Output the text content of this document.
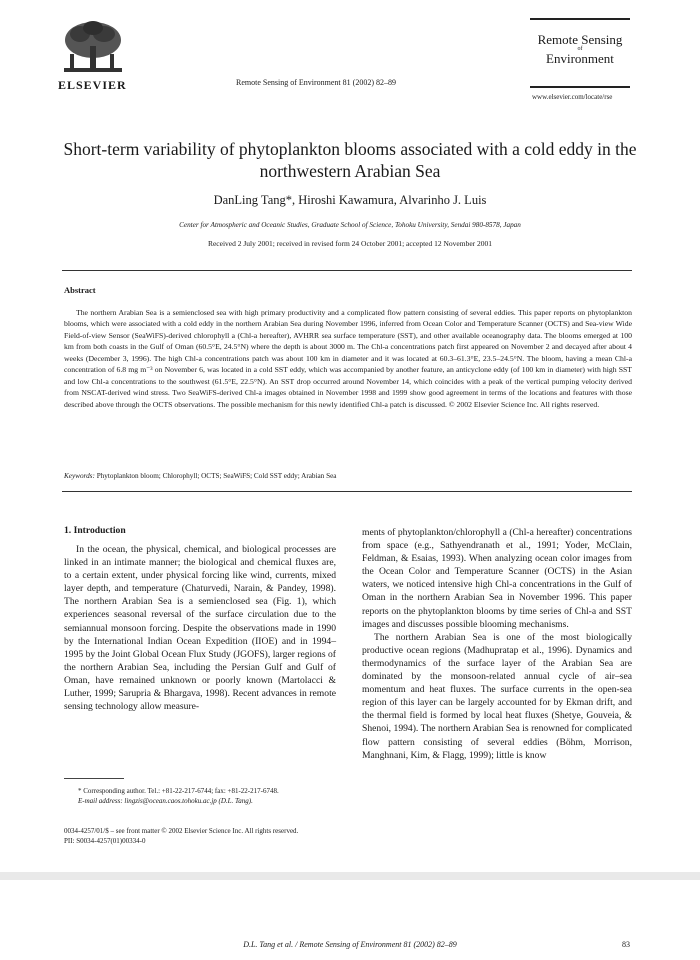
ELSEVIER	Remote Sensing of Environment 81 (2002) 82–89
Remote Sensing
of
Environment
www.elsevier.com/locate/rse
Short-term variability of phytoplankton blooms associated with a cold eddy in the northwestern Arabian Sea
DanLing Tang*, Hiroshi Kawamura, Alvarinho J. Luis
Center for Atmospheric and Oceanic Studies, Graduate School of Science, Tohoku University, Sendai 980-8578, Japan
Received 2 July 2001; received in revised form 24 October 2001; accepted 12 November 2001
Abstract

The northern Arabian Sea is a semienclosed sea with high primary productivity and a complicated flow pattern consisting of several eddies. This paper reports on phytoplankton blooms, which were associated with a cold eddy in the northern Arabian Sea during November 1996, inferred from Ocean Color and Temperature Scanner (OCTS) and Sea-view Wide Field-of-view Sensor (SeaWiFS)-derived chlorophyll a (Chl-a hereafter), AVHRR sea surface temperature (SST), and other available oceanography data. The blooms emerged at 100 km from both coasts in the Gulf of Oman (60.5°E, 24.5°N) where the depth is about 3000 m. The Chl-a concentrations patch first appeared on November 2 and decayed after about 4 weeks (December 3, 1996). The high Chl-a concentrations patch was about 100 km in diameter and it was located at 60.3–61.3°E, 23.5–24.5°N. The bloom, having a mean Chl-a concentration of 6.8 mg m⁻³ on November 6, was located in a cold SST eddy, which was accompanied by another feature, an anticyclone eddy (of 100 km in diameter) with high SST and low Chl-a concentrations to the southwest (61.5°E, 22.5°N). An SST drop occurred around November 14, which coincides with a peak of the vertical pumping velocity derived from NSCAT-derived wind stress. Two SeaWiFS-derived Chl-a images obtained in November 1998 and 1999 show good agreement in terms of the locations and features with those described above through the OCTS observations. The possible mechanism for this newly identified Chl-a patch is discussed. © 2002 Elsevier Science Inc. All rights reserved.

Keywords: Phytoplankton bloom; Chlorophyll; OCTS; SeaWiFS; Cold SST eddy; Arabian Sea
1. Introduction

In the ocean, the physical, chemical, and biological processes are linked in an intimate manner; the biological and chemical fluxes are, to a certain extent, under physical forcing like wind, currents, mixed layer depth, and temperature (Chaturvedi, Narain, & Pandey, 1998). The northern Arabian Sea is a semienclosed sea (Fig. 1), which experiences seasonal reversal of the surface circulation due to the semiannual monsoon forcing. Despite the observations made in 1990 by the International Indian Ocean Expedition (IIOE) and in 1994–1995 by the Joint Global Ocean Flux Study (JGOFS), larger regions of the northern Arabian Sea, including the Persian Gulf and Gulf of Oman, have remained unknown or poorly known (Martolacci & Luther, 1999; Sarupria & Bhargava, 1998). Recent advances in remote sensing technology allow measure-

ments of phytoplankton/chlorophyll a (Chl-a hereafter) concentrations from space (e.g., Sathyendranath et al., 1991; Yoder, McClain, Feldman, & Esaias, 1993). When analyzing ocean color images from the Ocean Color and Temperature Scanner (OCTS) in the Asian waters, we noticed intensive high Chl-a concentrations in the Gulf of Oman in the northern Arabian Sea in November 1996. This paper reports on the phytoplankton blooms by time series of Chl-a and SST images and discusses possible blooming mechanisms.

The northern Arabian Sea is one of the most biologically productive ocean regions (Madhupratap et al., 1996). Dynamics and thermodynamics of the surface layer of the Arabian Sea are dominated by the monsoon-related annual cycle of air–sea momentum and heat fluxes. The surface currents in the open-sea region of this layer can be largely accounted for by Ekman drift, and the thermal field is formed by local heat fluxes (Shetye, Gouveia, & Shenoi, 1994). The northern Arabian Sea is renowned for complicated flow pattern consisting of several eddies (Böhm, Morrison, Manghnani, Kim, & Flagg, 1999); little is know

* Corresponding author. Tel.: +81-22-217-6744; fax: +81-22-217-6748.

E-mail address: lingzis@ocean.caos.tohoku.ac.jp (D.L. Tang).

0034-4257/01/$ – see front matter © 2002 Elsevier Science Inc. All rights reserved.
PII: S0034-4257(01)00334-0
D.L. Tang et al. / Remote Sensing of Environment 81 (2002) 82–89	83
